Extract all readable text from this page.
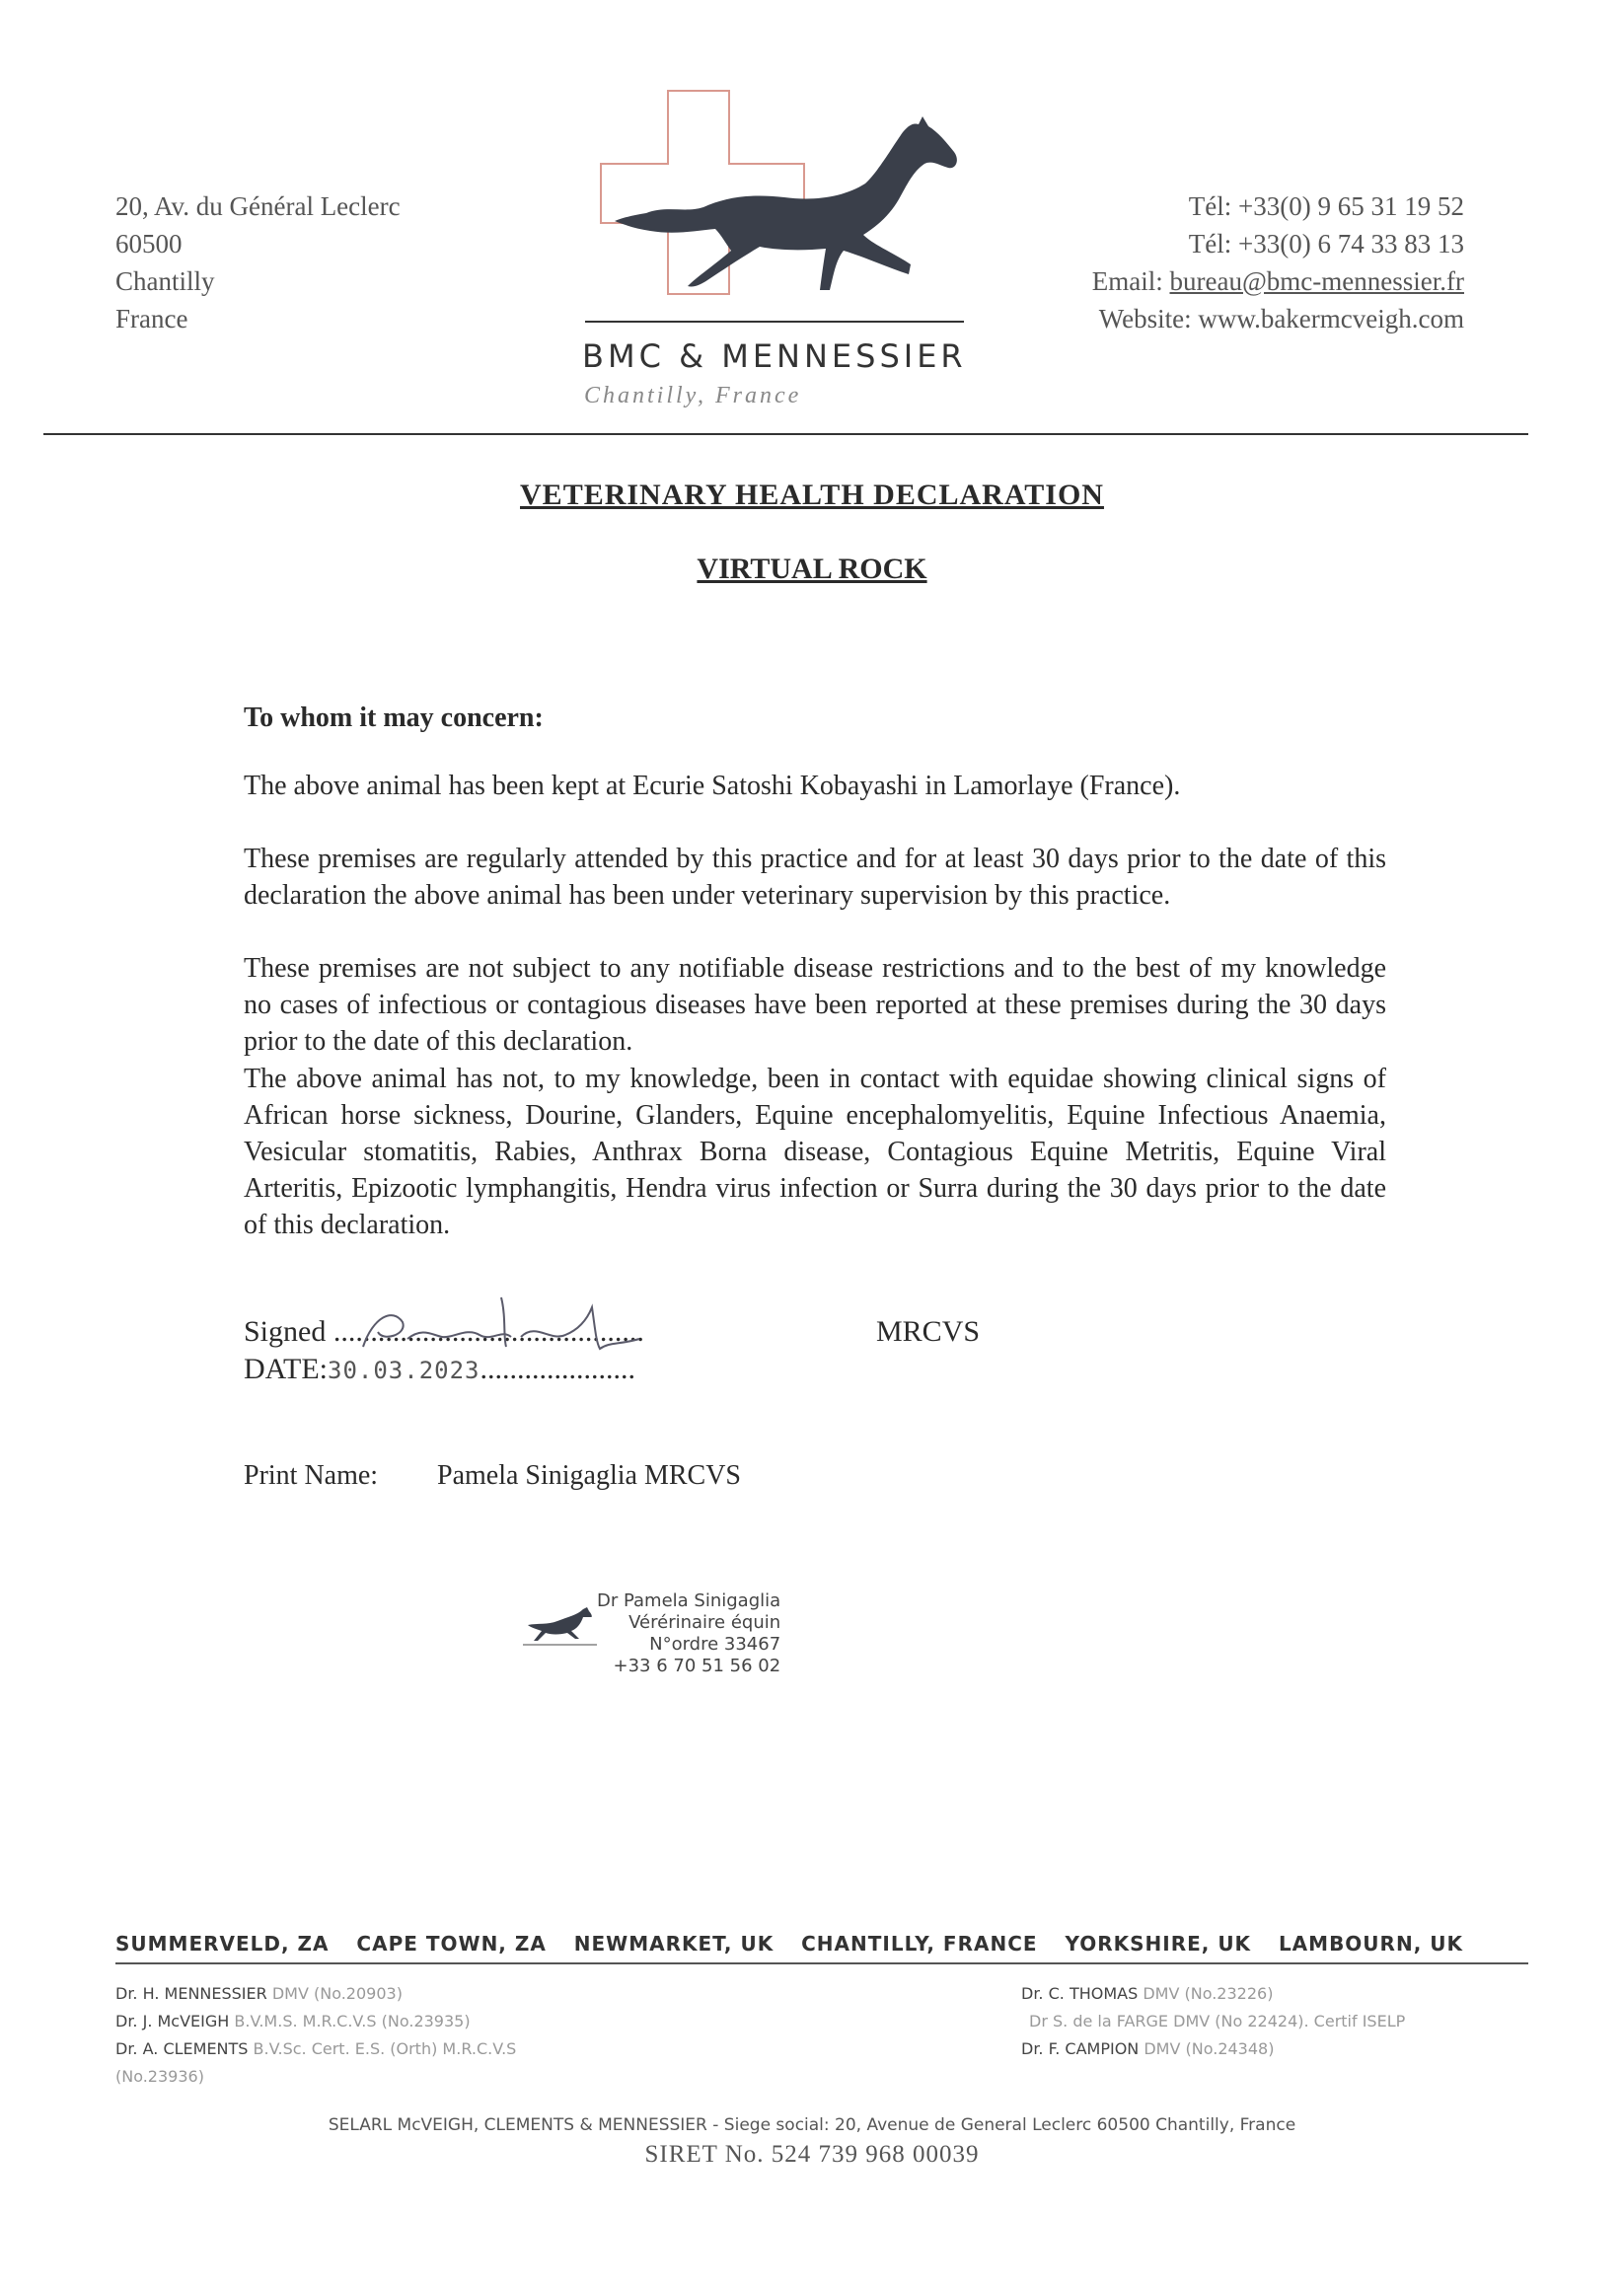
20, Av. du Général Leclerc
60500
Chantilly
France
BMC & MENNESSIER
Chantilly, France
Tél: +33(0) 9 65 31 19 52
Tél: +33(0) 6 74 33 83 13
Email: bureau@bmc-mennessier.fr
Website: www.bakermcveigh.com
VETERINARY HEALTH DECLARATION
VIRTUAL ROCK
To whom it may concern:
The above animal has been kept at Ecurie Satoshi Kobayashi in Lamorlaye (France).
These premises are regularly attended by this practice and for at least 30 days prior to the date of this declaration the above animal has been under veterinary supervision by this practice.
These premises are not subject to any notifiable disease restrictions and to the best of my knowledge no cases of infectious or contagious diseases have been reported at these premises during the 30 days prior to the date of this declaration.
The above animal has not, to my knowledge, been in contact with equidae showing clinical signs of African horse sickness, Dourine, Glanders, Equine encephalomyelitis, Equine Infectious Anaemia, Vesicular stomatitis, Rabies, Anthrax Borna disease, Contagious Equine Metritis, Equine Viral Arteritis, Epizootic lymphangitis, Hendra virus infection or Surra during the 30 days prior to the date of this declaration.
Signed ..........................................	MRCVS
DATE:30.03.2023.....................
Print Name: Pamela Sinigaglia MRCVS
Dr Pamela Sinigaglia
Vérérinaire équin
N°ordre 33467
+33 6 70 51 56 02
SUMMERVELD, ZA CAPE TOWN, ZA NEWMARKET, UK CHANTILLY, FRANCE YORKSHIRE, UK LAMBOURN, UK
Dr. H. MENNESSIER DMV (No.20903)
Dr. J. McVEIGH B.V.M.S. M.R.C.V.S (No.23935)
Dr. A. CLEMENTS B.V.Sc. Cert. E.S. (Orth) M.R.C.V.S
(No.23936)
Dr. C. THOMAS DMV (No.23226)
Dr S. de la FARGE DMV (No 22424). Certif ISELP
Dr. F. CAMPION DMV (No.24348)
SELARL McVEIGH, CLEMENTS & MENNESSIER - Siege social: 20, Avenue de General Leclerc 60500 Chantilly, France
SIRET No. 524 739 968 00039
